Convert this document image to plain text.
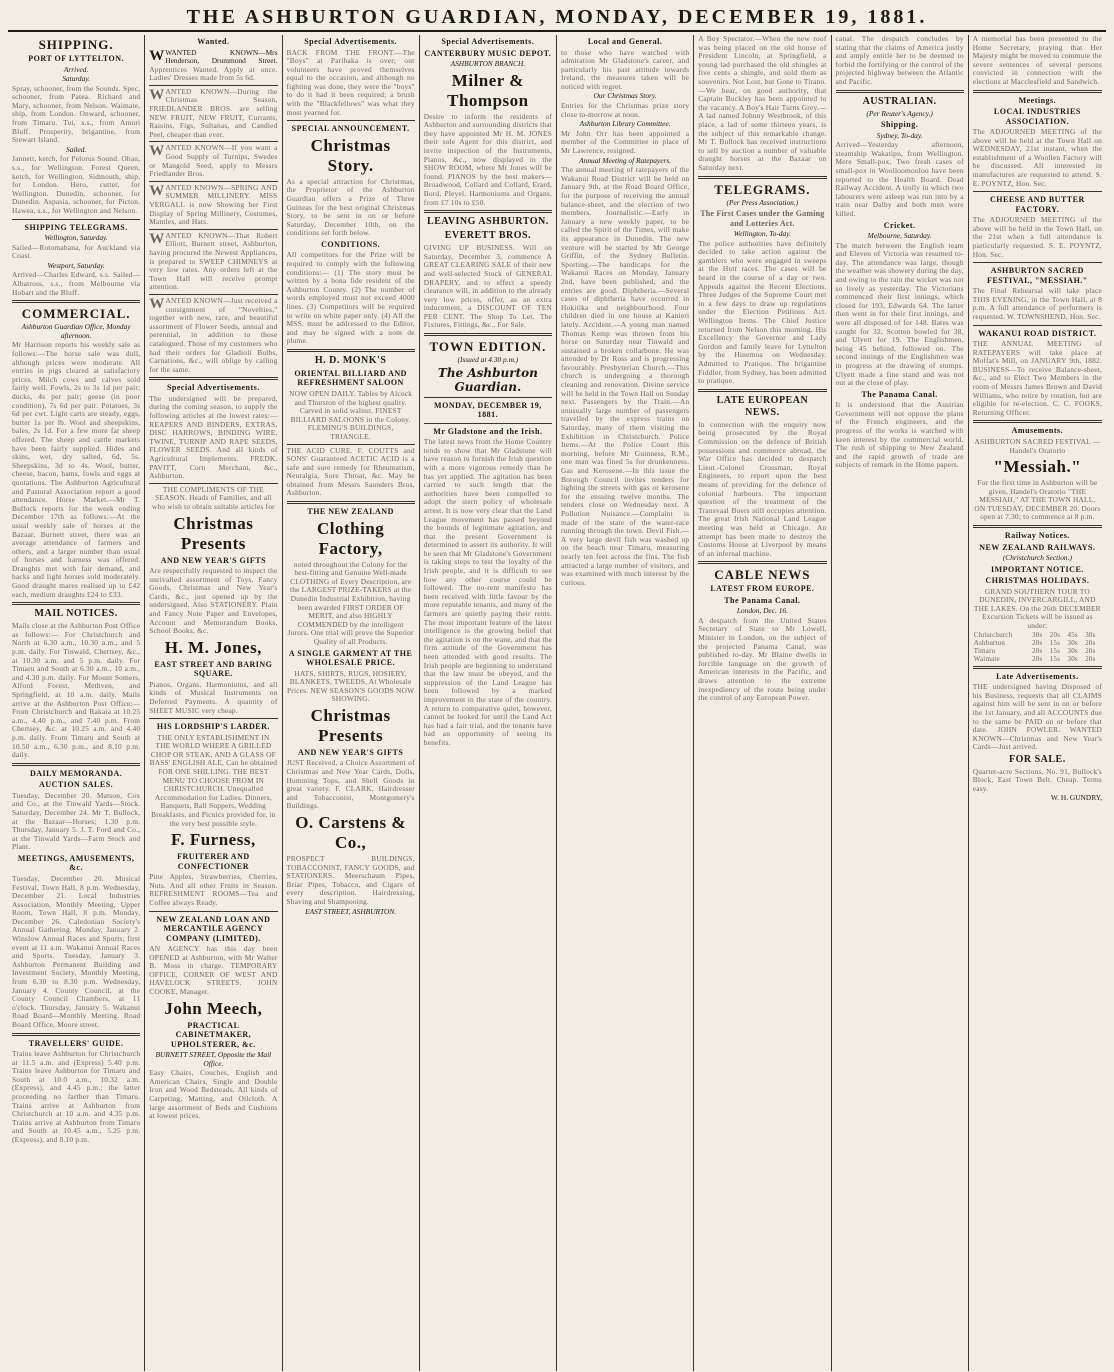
THE ASHBURTON GUARDIAN, MONDAY, DECEMBER 19, 1881.
SHIPPING.
PORT OF LYTTELTON.
Arrived.
Saturday.
Spray, schooner, from the Sounds. Spec, schooner, from Patea. Richard and Mary, schooner, from Nelson. Waimate, ship, from London. Onward, schooner, from Timaru. Tui, s.s., from Amuri Bluff. Prosperity, brigantine, from Stewart Island.
Sailed.
Jannett, ketch, for Pelorus Sound. Ohau, s.s., for Wellington. Forest Queen, ketch, for Wellington. Sidmouth, ship, for London. Hero, cutter, for Wellington. Dunedin, schooner, for Dunedin. Aspasia, schooner, for Picton. Hawea, s.s., for Wellington and Nelson.
SHIPPING TELEGRAMS.
Wellington, Saturday.
Sailed—Rotomahana, for Auckland via Coast.
Westport, Saturday.
Arrived—Charles Edward, s.s. Sailed—Albatross, s.s., from Melbourne via Hobart and the Bluff.
COMMERCIAL.
Ashburton Guardian Office, Monday afternoon.
Mr Harrison reports his weekly sale as follows:—The horse sale was dull, although prices were moderate. All entries in pigs cleared at satisfactory prices. Milch cows and calves sold fairly well. Fowls, 2s to 3s 1d per pair; ducks, 4s per pair; geese (in poor condition), 7s 6d per pair. Potatoes, 3s 6d per cwt. Light carts are steady, eggs, butter 1s per lb. Wool and sheepskins, bales, 2s 1d. For a few more fat sheep offered. The sheep and cattle markets have been fairly supplied. Hides and skins, wet, dry salted, 6d, 5s. Sheepskins, 3d to 4s. Wool, butter, cheese, bacon, hams, fowls and eggs at quotations. The Ashburton Agricultural and Pastoral Association report a good attendance. Horse Market.—Mr T. Bullock reports for the week ending December 17th as follows:—At the usual weekly sale of horses at the Bazaar, Burnett street, there was an average attendance of farmers and others, and a larger number than usual of horses and harness was offered. Draughts met with fair demand, and hacks and light horses sold moderately. Good draught mares realised up to £42 each, medium draughts £24 to £33.
MAIL NOTICES.
Mails close at the Ashburton Post Office as follows:— For Christchurch and North at 6.30 a.m., 10.30 a.m., and 5 p.m. daily. For Tinwald, Chertsey, &c., at 10.30 a.m. and 5 p.m. daily. For Timaru and South at 6.30 a.m., 10 a.m., and 4.30 p.m. daily. For Mount Somers, Alford Forest, Methven, and Springfield, at 10 a.m. daily. Mails arrive at the Ashburton Post Office:—From Christchurch and Rakaia at 10.25 a.m., 4.40 p.m., and 7.40 p.m. From Chertsey, &c. at 10.25 a.m. and 4.40 p.m. daily. From Timaru and South at 10.50 a.m., 6.30 p.m., and 8.10 p.m. daily.
DAILY MEMORANDA.
AUCTION SALES.
Tuesday, December 20. Matson, Cox and Co., at the Tinwald Yards—Stock. Saturday, December 24. Mr T. Bullock, at the Bazaar—Horses; 1.30 p.m. Thursday, January 5. J. T. Ford and Co., at the Tinwald Yards—Farm Stock and Plant.
MEETINGS, AMUSEMENTS, &c.
Tuesday, December 20. Musical Festival, Town Hall, 8 p.m. Wednesday, December 21. Local Industries Association, Monthly Meeting, Upper Room, Town Hall, 8 p.m. Monday, December 26. Caledonian Society's Annual Gathering. Monday, January 2. Winslow Annual Races and Sports; first event at 11 a.m. Wakanui Annual Races and Sports. Tuesday, January 3. Ashburton Permanent Building and Investment Society, Monthly Meeting, from 6.30 to 8.30 p.m. Wednesday, January 4. County Council, at the County Council Chambers, at 11 o'clock. Thursday, January 5. Wakanui Road Board—Monthly Meeting. Road Board Office, Moore street.
TRAVELLERS' GUIDE.
Trains leave Ashburton for Christchurch at 11.5 a.m. and (Express) 5.40 p.m. Trains leave Ashburton for Timaru and South at 10.0 a.m., 10.32 a.m. (Express), and 4.45 p.m.; the latter proceeding no farther than Timaru. Trains arrive at Ashburton from Christchurch at 10 a.m. and 4.35 p.m. Trains arrive at Ashburton from Timaru and South at 10.45 a.m., 5.25 p.m. (Express), and 8.10 p.m.
Wanted.
WWANTED KNOWN—Mrs Henderson, Drummond Street. Apprentices Wanted. Apply at once. Ladies' Dresses made from 5s 6d.
WANTED KNOWN—During the Christmas Season, FRIEDLANDER BROS. are selling NEW FRUIT, NEW FRUIT, Currants, Raisins, Figs, Sultanas, and Candied Peel, cheaper than ever.
WANTED KNOWN—If you want a Good Supply of Turnips, Swedes or Mangold Seed, apply to Messrs Friedlander Bros.
WANTED KNOWN—SPRING AND SUMMER MILLINERY. MISS VERGALL is now Showing her First Display of Spring Millinery, Costumes, Mantles, and Hats.
WANTED KNOWN—That Robert Elliott, Burnett street, Ashburton, having procured the Newest Appliances, is prepared to SWEEP CHIMNEYS at very low rates. Any orders left at the Town Hall will receive prompt attention.
WANTED KNOWN—Just received a consignment of "Novelties," together with new, rare, and beautiful assortment of Flower Seeds, annual and perennial, in addition to those catalogued. Those of my customers who had their orders for Gladioli Bulbs, Carnations, &c., will oblige by calling for the same.
Special Advertisements.
The undersigned will be prepared, during the coming season, to supply the following articles at the lowest rates:— REAPERS AND BINDERS, EXTRAS, DISC HARROWS, BINDING WIRE, TWINE, TURNIP AND RAPE SEEDS, FLOWER SEEDS. And all kinds of Agricultural Implements. FREDK. PAVITT, Corn Merchant, &c., Ashburton.
THE COMPLIMENTS OF THE SEASON. Heads of Families, and all who wish to obtain suitable articles for
Christmas Presents
AND NEW YEAR'S GIFTS
Are respectfully requested to inspect the unrivalled assortment of Toys, Fancy Goods, Christmas and New Year's Cards, &c., just opened up by the undersigned. Also STATIONERY. Plain and Fancy Note Paper and Envelopes, Account and Memorandum Books, School Books, &c.
H. M. Jones,
EAST STREET AND BARING SQUARE.
Pianos, Organs, Harmoniums, and all kinds of Musical Instruments on Deferred Payments. A quantity of SHEET MUSIC very cheap.
HIS LORDSHIP'S LARDER.
THE ONLY ESTABLISHMENT IN THE WORLD WHERE A GRILLED CHOP OR STEAK, AND A GLASS OF BASS' ENGLISH ALE, Can be obtained FOR ONE SHILLING. THE BEST MENU TO CHOOSE FROM IN CHRISTCHURCH. Unequalled Accommodation for Ladies. Dinners, Banquets, Ball Suppers, Wedding Breakfasts, and Picnics provided for, in the very best possible style.
F. Furness,
FRUITERER AND CONFECTIONER
Pine Apples, Strawberries, Cherries, Nuts. And all other Fruits in Season. REFRESHMENT ROOMS—Tea and Coffee always Ready.
NEW ZEALAND LOAN AND MERCANTILE AGENCY COMPANY (LIMITED).
AN AGENCY has this day been OPENED at Ashburton, with Mr Walter B. Moss in charge. TEMPORARY OFFICE, CORNER OF WEST AND HAVELOCK STREETS. JOHN COOKE, Manager.
John Meech,
PRACTICAL CABINETMAKER, UPHOLSTERER, &c.
BURNETT STREET, Opposite the Mail Office.
Easy Chairs, Couches, English and American Chairs, Single and Double Iron and Wood Bedsteads. All kinds of Carpeting, Matting, and Oilcloth. A large assortment of Beds and Cushions at lowest prices.
Special Advertisements.
BACK FROM THE FRONT.—The "Boys" at Parihaka is over; our volunteers have proved themselves equal to the occasion, and although no fighting was done, they were the "boys" to do it had it been required; a brush with the "Blackfellows" was what they most yearned for.
SPECIAL ANNOUNCEMENT.
Christmas Story.
As a special attraction for Christmas, the Proprietor of the Ashburton Guardian offers a Prize of Three Guineas for the best original Christmas Story, to be sent in on or before Saturday, December 10th, on the conditions set forth below.
CONDITIONS.
All competitors for the Prize will be required to comply with the following conditions:— (1) The story must be written by a bona fide resident of the Ashburton County. (2) The number of words employed must not exceed 4000 lines. (3) Competitors will be required to write on white paper only. (4) All the MSS. must be addressed to the Editor, and may be signed with a nom de plume.
H. D. MONK'S
ORIENTAL BILLIARD AND REFRESHMENT SALOON
NOW OPEN DAILY. Tables by Alcock and Thurston of the highest quality. Carved in solid walnut. FINEST BILLIARD SALOONS in the Colony. FLEMING'S BUILDINGS, TRIANGLE.
THE ACID CURE. F. COUTTS and SONS' Guaranteed ACETIC ACID is a safe and sure remedy for Rheumatism, Neuralgia, Sore Throat, &c. May be obtained from Messrs Saunders Bros, Ashburton.
THE NEW ZEALAND
Clothing Factory,
noted throughout the Colony for the best-fitting and Genuine Well-made CLOTHING of Every Description, are the LARGEST PRIZE-TAKERS at the Dunedin Industrial Exhibition, having been awarded FIRST ORDER OF MERIT, and also HIGHLY COMMENDED by the intelligent Jurors. One trial will prove the Superior Quality of all Products.
A SINGLE GARMENT AT THE WHOLESALE PRICE.
HATS, SHIRTS, RUGS, HOSIERY, BLANKETS, TWEEDS, At Wholesale Prices. NEW SEASON'S GOODS NOW SHOWING.
Christmas Presents
AND NEW YEAR'S GIFTS
JUST Received, a Choice Assortment of Christmas and New Year Cards, Dolls, Humming Tops, and Shell Goods in great variety. F. CLARK, Hairdresser and Tobacconist, Montgomery's Buildings.
O. Carstens & Co.,
PROSPECT BUILDINGS, TOBACCONIST, FANCY GOODS, and STATIONERS. Meerschaum Pipes, Briar Pipes, Tobacco, and Cigars of every description. Hairdressing, Shaving and Shampooing.
EAST STREET, ASHBURTON.
Special Advertisements.
CANTERBURY MUSIC DEPOT.
ASHBURTON BRANCH.
Milner & Thompson
Desire to inform the residents of Ashburton and surrounding districts that they have appointed Mr H. M. JONES their sole Agent for this district, and invite inspection of the Instruments, Pianos, &c., now displayed in the SHOW ROOM, where Mr Jones will be found. PIANOS by the best makers—Broadwood, Collard and Collard, Erard, Bord, Pleyel. Harmoniums and Organs, from £7 10s to £50.
LEAVING ASHBURTON.
EVERETT BROS.
GIVING UP BUSINESS. Will on Saturday, December 3, commence A GREAT CLEARING SALE of their new and well-selected Stock of GENERAL DRAPERY, and to effect a speedy clearance will, in addition to the already very low prices, offer, as an extra inducement, a DISCOUNT OF TEN PER CENT. The Shop To Let. The Fixtures, Fittings, &c., For Sale.
TOWN EDITION.
(Issued at 4.30 p.m.)
The Ashburton Guardian.
MONDAY, DECEMBER 19, 1881.
Mr Gladstone and the Irish.
The latest news from the Home Country tends to show that Mr Gladstone will have reason to furnish the Irish question with a more vigorous remedy than he has yet applied. The agitation has been carried to such length that the authorities have been compelled to adopt the stern policy of wholesale arrest. It is now very clear that the Land League movement has passed beyond the bounds of legitimate agitation, and that the present Government is determined to assert its authority. It will be seen that Mr Gladstone's Government is taking steps to test the loyalty of the Irish people, and it is difficult to see how any other course could be followed. The no-rent manifesto has been received with little favour by the more reputable tenants, and many of the farmers are quietly paying their rents. The most important feature of the latest intelligence is the growing belief that the agitation is on the wane, and that the firm attitude of the Government has been attended with good results. The Irish people are beginning to understand that the law must be obeyed, and the suppression of the Land League has been followed by a marked improvement in the state of the country. A return to comparative quiet, however, cannot be looked for until the Land Act has had a fair trial, and the tenants have had an opportunity of seeing its benefits.
Local and General.
to those who have watched with admiration Mr Gladstone's career, and particularly his past attitude towards Ireland, the measures taken will be noticed with regret.
Our Christmas Story.
Entries for the Christmas prize story close to-morrow at noon.
Ashburton Library Committee.
Mr John Orr has been appointed a member of the Committee in place of Mr Lawrence, resigned.
Annual Meeting of Ratepayers.
The annual meeting of ratepayers of the Wakanui Road District will be held on January 9th, at the Road Board Office, for the purpose of receiving the annual balance-sheet, and the election of two members. Journalistic.—Early in January a new weekly paper, to be called the Spirit of the Times, will make its appearance in Dunedin. The new venture will be started by Mr George Griffin, of the Sydney Bulletin. Sporting.—The handicaps for the Wakanui Races on Monday, January 2nd, have been published, and the entries are good. Diphtheria.—Several cases of diphtheria have occurred in Hokitika and neighbourhood. Four children died in one house at Kanieri lately. Accident.—A young man named Thomas Kemp was thrown from his horse on Saturday near Tinwald and sustained a broken collarbone. He was attended by Dr Ross and is progressing favourably. Presbyterian Church.—This church is undergoing a thorough cleaning and renovation. Divine service will be held in the Town Hall on Sunday next. Passengers by the Train.—An unusually large number of passengers travelled by the express trains on Saturday, many of them visiting the Exhibition in Christchurch. Police Items.—At the Police Court this morning, before Mr Guinness, R.M., one man was fined 5s for drunkenness. Gas and Kerosene.—In this issue the Borough Council invites tenders for lighting the streets with gas or kerosene for the ensuing twelve months. The tenders close on Wednesday next. A Pollution Nuisance.—Complaint is made of the state of the water-race running through the town. Devil Fish.—A very large devil fish was washed up on the beach near Timaru, measuring nearly ten feet across the fins. The fish attracted a large number of visitors, and was examined with much interest by the curious.
A Boy Spectator.—When the new roof was being placed on the old house of President Lincoln, at Springfield, a young lad purchased the old shingles at five cents a shingle, and sold them as souvenirs. Not Lost, but Gone to Tirano.—We hear, on good authority, that Captain Buckley has been appointed to the vacancy. A Boy's Hair Turns Grey.—A lad named Johnny Westbrook, of this place, a lad of some thirteen years, is the subject of this remarkable change. Mr T. Bullock has received instructions to sell by auction a number of valuable draught horses at the Bazaar on Saturday next.
TELEGRAMS.
(Per Press Association.)
The First Cases under the Gaming and Lotteries Act.
Wellington, To-day.
The police authorities have definitely decided to take action against the gamblers who were engaged in sweeps at the Hutt races. The cases will be heard in the course of a day or two. Appeals against the Recent Elections. Three Judges of the Supreme Court met in a few days to draw up regulations under the Election Petitions Act. Wellington Items. The Chief Justice returned from Nelson this morning. His Excellency the Governor and Lady Gordon and family leave for Lyttelton by the Hinemoa on Wednesday. Admitted to Pratique. The brigantine Fiddler, from Sydney, has been admitted to pratique.
LATE EUROPEAN NEWS.
In connection with the enquiry now being prosecuted by the Royal Commission on the defence of British possessions and commerce abroad, the War Office has decided to despatch Lieut.-Colonel Crossman, Royal Engineers, to report upon the best means of providing for the defence of colonial harbours. The important question of the treatment of the Transvaal Boers still occupies attention. The great Irish National Land League meeting was held at Chicago. An attempt has been made to destroy the Customs House at Liverpool by means of an infernal machine.
CABLE NEWS
LATEST FROM EUROPE.
The Panama Canal.
London, Dec. 16.
A despatch from the United States Secretary of State to Mr Lowell, Minister in London, on the subject of the projected Panama Canal, was published to-day. Mr Blaine dwells in forcible language on the growth of American interests in the Pacific, and draws attention to the extreme inexpediency of the route being under the control of any European Power.
canal. The despatch concludes by stating that the claims of America justly and amply entitle her to be deemed to forbid the fortifying or the control of the projected highway between the Atlantic and Pacific.
AUSTRALIAN.
(Per Reuter's Agency.)
Shipping.
Sydney, To-day.
Arrived—Yesterday afternoon, steamship Wakatipu, from Wellington. Mere Small-pox. Two fresh cases of small-pox in Woolloomooloo have been reported to the Health Board. Dead Railway Accident. A trolly in which two labourers were asleep was run into by a train near Dalby and both men were killed.
Cricket.
Melbourne, Saturday.
The match between the English team and Eleven of Victoria was resumed to-day. The attendance was large, though the weather was showery during the day, and owing to the rain the wicket was not so lively as yesterday. The Victorians commenced their first innings, which closed for 193, Edwards 64. The latter then went in for their first innings, and were all disposed of for 148. Bates was caught for 32, Scotton bowled for 38, and Ulyett for 19. The Englishmen, being 45 behind, followed on. The second innings of the Englishmen was in progress at the drawing of stumps. Ulyett made a fine stand and was not out at the close of play.
The Panama Canal.
It is understood that the Austrian Government will not oppose the plans of the French engineers, and the progress of the works is watched with keen interest by the commercial world. The rush of shipping to New Zealand and the rapid growth of trade are subjects of remark in the Home papers.
A memorial has been presented to the Home Secretary, praying that Her Majesty might be moved to commute the severe sentences of several persons convicted in connection with the elections at Macclesfield and Sandwich.
Meetings.
LOCAL INDUSTRIES ASSOCIATION.
The ADJOURNED MEETING of the above will be held at the Town Hall on WEDNESDAY, 21st instant, when the establishment of a Woollen Factory will be discussed. All interested in manufactures are requested to attend. S. E. POYNTZ, Hon. Sec.
CHEESE AND BUTTER FACTORY.
The ADJOURNED MEETING of the above will be held in the Town Hall, on the 21st when a full attendance is particularly requested. S. E. POYNTZ, Hon. Sec.
ASHBURTON SACRED FESTIVAL, "MESSIAH."
The Final Rehearsal will take place THIS EVENING, in the Town Hall, at 8 p.m. A full attendance of performers is requested. W. TOWNSHEND, Hon. Sec.
WAKANUI ROAD DISTRICT.
THE ANNUAL MEETING of RATEPAYERS will take place at Moffat's Mill, on JANUARY 9th, 1882. BUSINESS—To receive Balance-sheet, &c., and to Elect Two Members in the room of Messrs James Brown and David Williams, who retire by rotation, but are eligible for re-election. C. C. FOOKS, Returning Officer.
Amusements.
ASHBURTON SACRED FESTIVAL — Handel's Oratorio
"Messiah."
For the first time in Ashburton will be given, Handel's Oratorio "THE MESSIAH," AT THE TOWN HALL, ON TUESDAY, DECEMBER 20. Doors open at 7.30; to commence at 8 p.m.
Railway Notices.
NEW ZEALAND RAILWAYS.
(Christchurch Section.)
IMPORTANT NOTICE.
CHRISTMAS HOLIDAYS.
GRAND SOUTHERN TOUR TO DUNEDIN, INVERCARGILL, AND THE LAKES. On the 26th DECEMBER Excursion Tickets will be issued as under:
Christchurch	30s	20s	45s	30s
Ashburton	20s	15s	30s	20s
Timaru	20s	15s	30s	20s
Waimate	20s	15s	30s	20s
Late Advertisements.
THE undersigned having Disposed of his Business, requests that all CLAIMS against him will be sent in on or before the 1st January, and all ACCOUNTS due to the same be PAID on or before that date. JOHN FOWLER. WANTED KNOWN—Christmas and New Year's Cards—Just arrived.
FOR SALE.
Quarter-acre Sections, No. 91, Bullock's Block, East Town Belt. Cheap. Terms easy.
W. H. GUNDRY,
